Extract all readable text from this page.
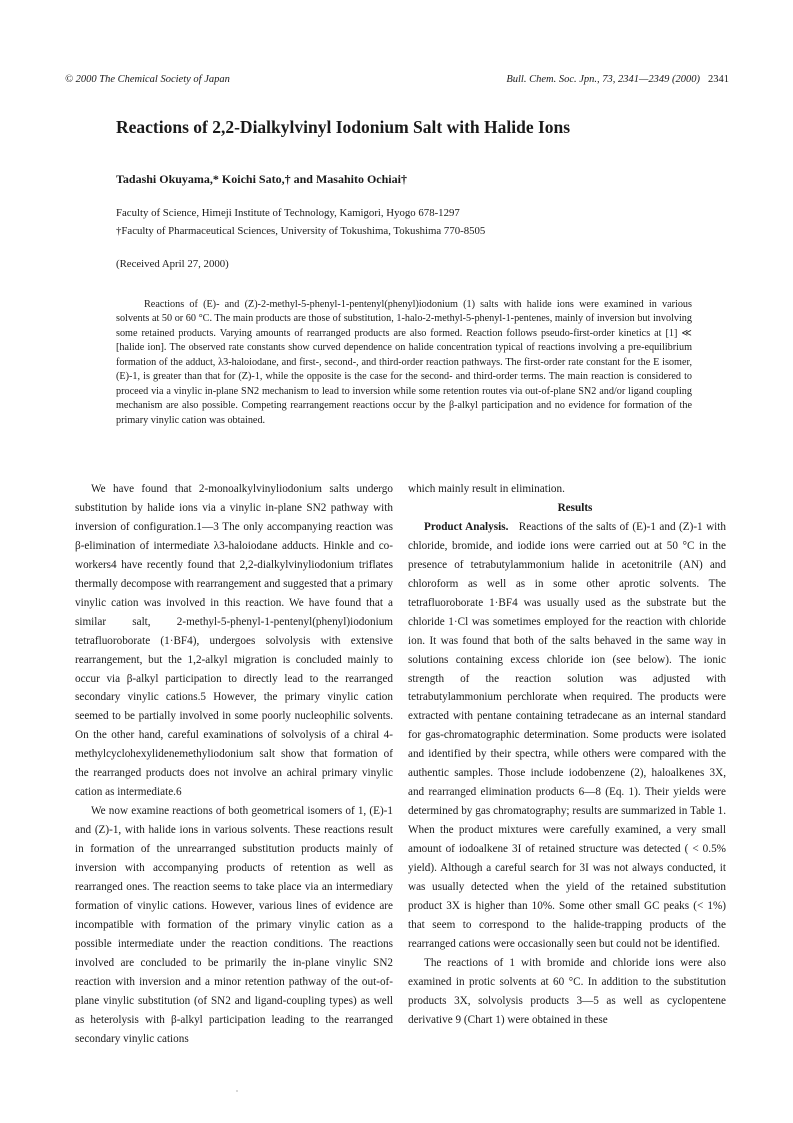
© 2000 The Chemical Society of Japan	Bull. Chem. Soc. Jpn., 73, 2341—2349 (2000) 2341
Reactions of 2,2-Dialkylvinyl Iodonium Salt with Halide Ions
Tadashi Okuyama,* Koichi Sato,† and Masahito Ochiai†
Faculty of Science, Himeji Institute of Technology, Kamigori, Hyogo 678-1297
†Faculty of Pharmaceutical Sciences, University of Tokushima, Tokushima 770-8505
(Received April 27, 2000)
Reactions of (E)- and (Z)-2-methyl-5-phenyl-1-pentenyl(phenyl)iodonium (1) salts with halide ions were examined in various solvents at 50 or 60 °C. The main products are those of substitution, 1-halo-2-methyl-5-phenyl-1-pentenes, mainly of inversion but involving some retained products. Varying amounts of rearranged products are also formed. Reaction follows pseudo-first-order kinetics at [1] ≪ [halide ion]. The observed rate constants show curved dependence on halide concentration typical of reactions involving a pre-equilibrium formation of the adduct, λ3-haloiodane, and first-, second-, and third-order reaction pathways. The first-order rate constant for the E isomer, (E)-1, is greater than that for (Z)-1, while the opposite is the case for the second- and third-order terms. The main reaction is considered to proceed via a vinylic in-plane SN2 mechanism to lead to inversion while some retention routes via out-of-plane SN2 and/or ligand coupling mechanism are also possible. Competing rearrangement reactions occur by the β-alkyl participation and no evidence for formation of the primary vinylic cation was obtained.

We have found that 2-monoalkylvinyliodonium salts undergo substitution by halide ions via a vinylic in-plane SN2 pathway with inversion of configuration.1—3 The only accompanying reaction was β-elimination of intermediate λ3-haloiodane adducts. Hinkle and co-workers4 have recently found that 2,2-dialkylvinyliodonium triflates thermally decompose with rearrangement and suggested that a primary vinylic cation was involved in this reaction. We have found that a similar salt, 2-methyl-5-phenyl-1-pentenyl(phenyl)iodonium tetrafluoroborate (1·BF4), undergoes solvolysis with extensive rearrangement, but the 1,2-alkyl migration is concluded mainly to occur via β-alkyl participation to directly lead to the rearranged secondary vinylic cations.5 However, the primary vinylic cation seemed to be partially involved in some poorly nucleophilic solvents. On the other hand, careful examinations of solvolysis of a chiral 4-methylcyclohexylidenemethyliodonium salt show that formation of the rearranged products does not involve an achiral primary vinylic cation as intermediate.6

We now examine reactions of both geometrical isomers of 1, (E)-1 and (Z)-1, with halide ions in various solvents. These reactions result in formation of the unrearranged substitution products mainly of inversion with accompanying products of retention as well as rearranged ones. The reaction seems to take place via an intermediary formation of vinylic cations. However, various lines of evidence are incompatible with formation of the primary vinylic cation as a possible intermediate under the reaction conditions. The reactions involved are concluded to be primarily the in-plane vinylic SN2 reaction with inversion and a minor retention pathway of the out-of-plane vinylic substitution (of SN2 and ligand-coupling types) as well as heterolysis with β-alkyl participation leading to the rearranged secondary vinylic cations

which mainly result in elimination.

Results

Product Analysis. Reactions of the salts of (E)-1 and (Z)-1 with chloride, bromide, and iodide ions were carried out at 50 °C in the presence of tetrabutylammonium halide in acetonitrile (AN) and chloroform as well as in some other aprotic solvents. The tetrafluoroborate 1·BF4 was usually used as the substrate but the chloride 1·Cl was sometimes employed for the reaction with chloride ion. It was found that both of the salts behaved in the same way in solutions containing excess chloride ion (see below). The ionic strength of the reaction solution was adjusted with tetrabutylammonium perchlorate when required. The products were extracted with pentane containing tetradecane as an internal standard for gas-chromatographic determination. Some products were isolated and identified by their spectra, while others were compared with the authentic samples. Those include iodobenzene (2), haloalkenes 3X, and rearranged elimination products 6—8 (Eq. 1). Their yields were determined by gas chromatography; results are summarized in Table 1. When the product mixtures were carefully examined, a very small amount of iodoalkene 3I of retained structure was detected ( < 0.5% yield). Although a careful search for 3I was not always conducted, it was usually detected when the yield of the retained substitution product 3X is higher than 10%. Some other small GC peaks (< 1%) that seem to correspond to the halide-trapping products of the rearranged cations were occasionally seen but could not be identified.

The reactions of 1 with bromide and chloride ions were also examined in protic solvents at 60 °C. In addition to the substitution products 3X, solvolysis products 3—5 as well as cyclopentene derivative 9 (Chart 1) were obtained in these
